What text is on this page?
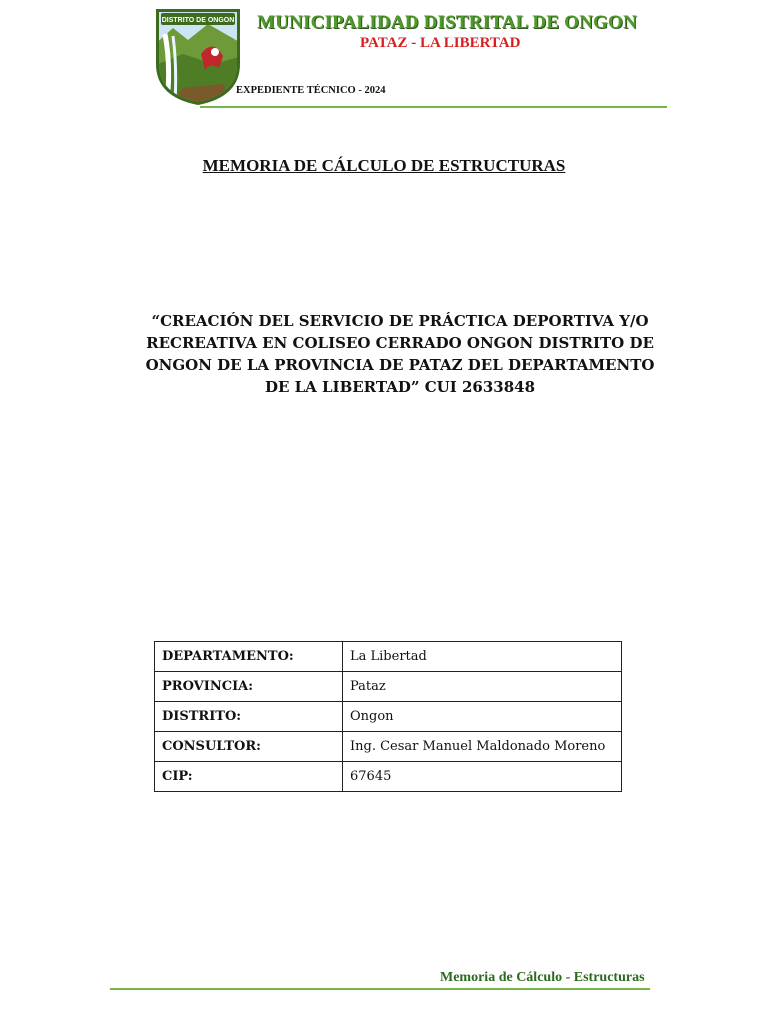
DISTRITO DE ONGON MUNICIPALIDAD DISTRITAL DE ONGON
PATAZ - LA LIBERTAD
EXPEDIENTE TÉCNICO - 2024
MEMORIA DE CÁLCULO DE ESTRUCTURAS
“CREACIÓN DEL SERVICIO DE PRÁCTICA DEPORTIVA Y/O RECREATIVA EN COLISEO CERRADO ONGON DISTRITO DE ONGON DE LA PROVINCIA DE PATAZ DEL DEPARTAMENTO DE LA LIBERTAD” CUI 2633848
DEPARTAMENTO:	La Libertad
PROVINCIA:	Pataz
DISTRITO:	Ongon
CONSULTOR:	Ing. Cesar Manuel Maldonado Moreno
CIP:	67645
Memoria de Cálculo - Estructuras
